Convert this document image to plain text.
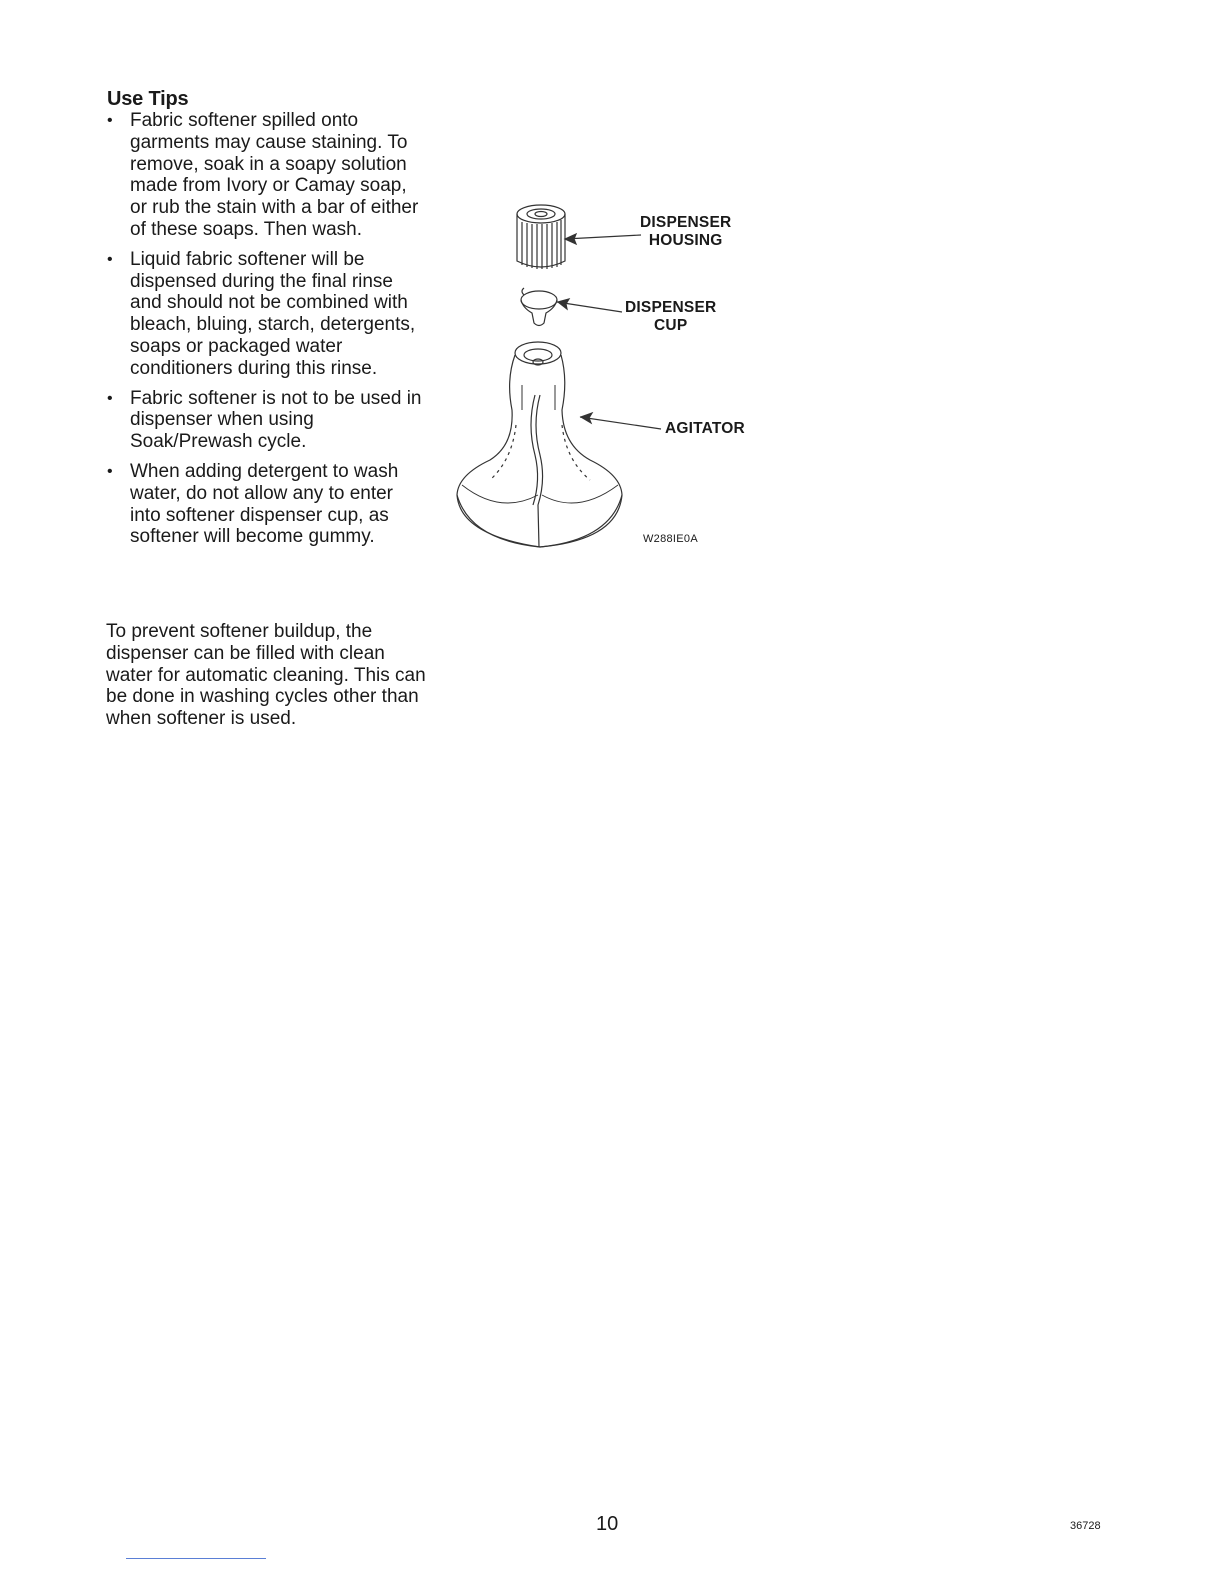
Use Tips
• Fabric softener spilled onto garments may cause staining. To remove, soak in a soapy solution made from Ivory or Camay soap, or rub the stain with a bar of either of these soaps. Then wash.
• Liquid fabric softener will be dispensed during the final rinse and should not be combined with bleach, bluing, starch, detergents, soaps or packaged water conditioners during this rinse.
• Fabric softener is not to be used in dispenser when using Soak/Prewash cycle.
• When adding detergent to wash water, do not allow any to enter into softener dispenser cup, as softener will become gummy.

To prevent softener buildup, the dispenser can be filled with clean water for automatic cleaning. This can be done in washing cycles other than when softener is used.

DISPENSER
HOUSING
DISPENSER
CUP
AGITATOR
W288IE0A
10	36728
